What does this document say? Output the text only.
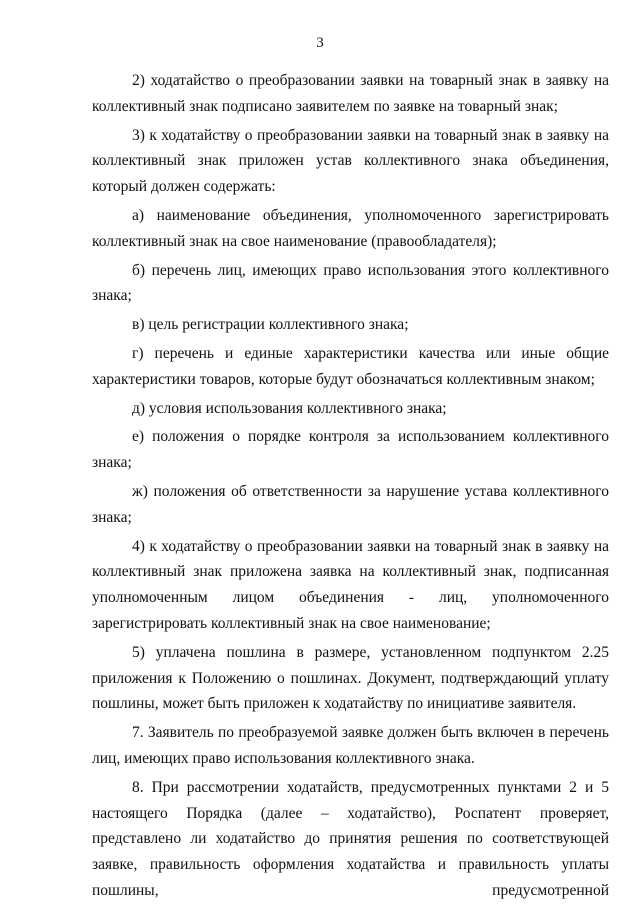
3

2) ходатайство о преобразовании заявки на товарный знак в заявку на коллективный знак подписано заявителем по заявке на товарный знак;

3) к ходатайству о преобразовании заявки на товарный знак в заявку на коллективный знак приложен устав коллективного знака объединения, который должен содержать:

а) наименование объединения, уполномоченного зарегистрировать коллективный знак на свое наименование (правообладателя);

б) перечень лиц, имеющих право использования этого коллективного знака;

в) цель регистрации коллективного знака;

г) перечень и единые характеристики качества или иные общие характеристики товаров, которые будут обозначаться коллективным знаком;

д) условия использования коллективного знака;

е) положения о порядке контроля за использованием коллективного знака;

ж) положения об ответственности за нарушение устава коллективного знака;

4) к ходатайству о преобразовании заявки на товарный знак в заявку на коллективный знак приложена заявка на коллективный знак, подписанная уполномоченным лицом объединения - лиц, уполномоченного зарегистрировать коллективный знак на свое наименование;

5) уплачена пошлина в размере, установленном подпунктом 2.25 приложения к Положению о пошлинах. Документ, подтверждающий уплату пошлины, может быть приложен к ходатайству по инициативе заявителя.

7. Заявитель по преобразуемой заявке должен быть включен в перечень лиц, имеющих право использования коллективного знака.

8. При рассмотрении ходатайств, предусмотренных пунктами 2 и 5 настоящего Порядка (далее – ходатайство), Роспатент проверяет, представлено ли ходатайство до принятия решения по соответствующей заявке, правильность оформления ходатайства и правильность уплаты пошлины, предусмотренной
